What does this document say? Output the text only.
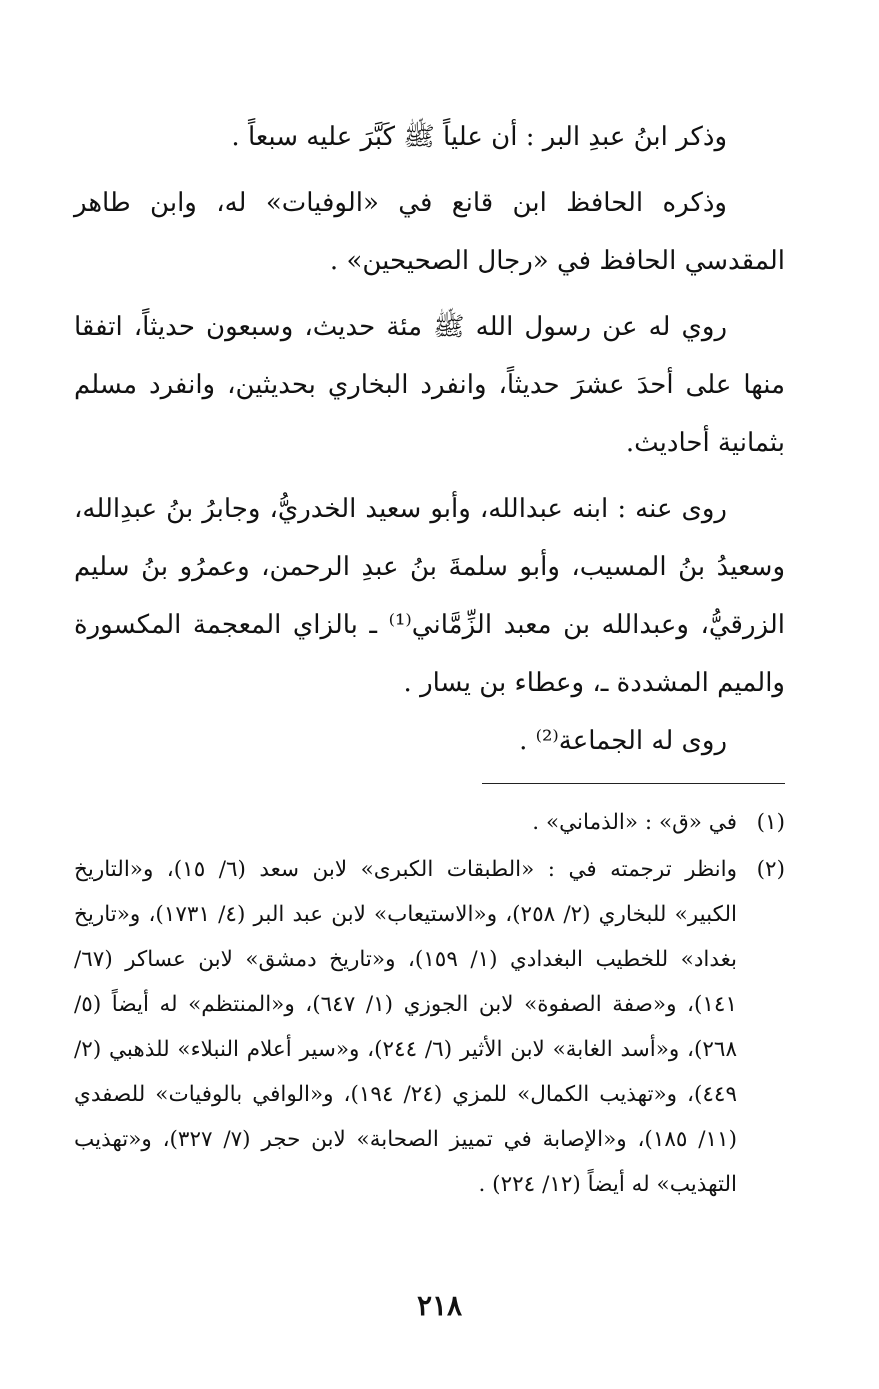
وذكر ابنُ عبدِ البر : أن علياً ﷺ كَبَّرَ عليه سبعاً .

وذكره الحافظ ابن قانع في «الوفيات» له، وابن طاهر المقدسي الحافظ في «رجال الصحيحين» .

روي له عن رسول الله ﷺ مئة حديث، وسبعون حديثاً، اتفقا منها على أحدَ عشرَ حديثاً، وانفرد البخاري بحديثين، وانفرد مسلم بثمانية أحاديث.

روى عنه : ابنه عبدالله، وأبو سعيد الخدريُّ، وجابرُ بنُ عبدِالله، وسعيدُ بنُ المسيب، وأبو سلمةَ بنُ عبدِ الرحمن، وعمرُو بنُ سليم الزرقيُّ، وعبدالله بن معبد الزِّمَّاني⁽¹⁾ ـ بالزاي المعجمة المكسورة والميم المشددة ـ، وعطاء بن يسار .

روى له الجماعة⁽²⁾ .

(١)
في «ق» : «الذماني» .
(٢)
وانظر ترجمته في : «الطبقات الكبرى» لابن سعد (٦/ ١٥)، و«التاريخ الكبير» للبخاري (٢/ ٢٥٨)، و«الاستيعاب» لابن عبد البر (٤/ ١٧٣١)، و«تاريخ بغداد» للخطيب البغدادي (١/ ١٥٩)، و«تاريخ دمشق» لابن عساكر (٦٧/ ١٤١)، و«صفة الصفوة» لابن الجوزي (١/ ٦٤٧)، و«المنتظم» له أيضاً (٥/ ٢٦٨)، و«أسد الغابة» لابن الأثير (٦/ ٢٤٤)، و«سير أعلام النبلاء» للذهبي (٢/ ٤٤٩)، و«تهذيب الكمال» للمزي (٢٤/ ١٩٤)، و«الوافي بالوفيات» للصفدي (١١/ ١٨٥)، و«الإصابة في تمييز الصحابة» لابن حجر (٧/ ٣٢٧)، و«تهذيب التهذيب» له أيضاً (١٢/ ٢٢٤) .
٢١٨
